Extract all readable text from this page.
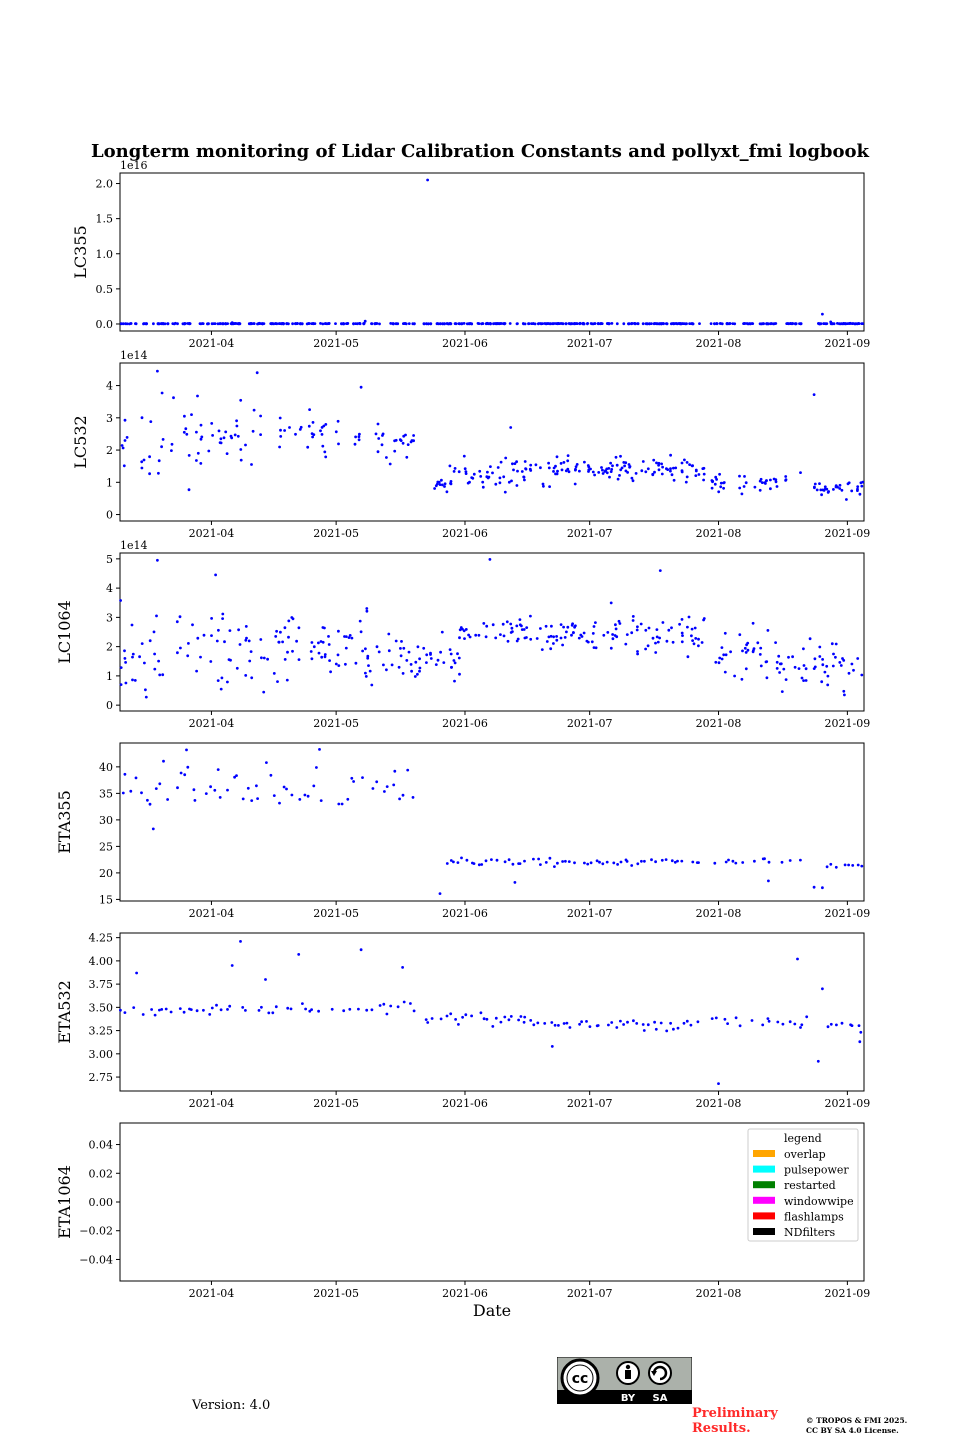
2021-04	2021-05	2021-06	2021-07	2021-08	2021-09
0.0
0.5
1.0
1.5
2.0
1e16
LC355
2021-04	2021-05	2021-06	2021-07	2021-08	2021-09
0
1
2
3
4
1e14
LC532
2021-04	2021-05	2021-06	2021-07	2021-08	2021-09
0
1
2
3
4
5
1e14
LC1064
2021-04	2021-05	2021-06	2021-07	2021-08	2021-09
15
20
25
30
35
40
ETA355
2021-04	2021-05	2021-06	2021-07	2021-08	2021-09
2.75
3.00
3.25
3.50
3.75
4.00
4.25
ETA532
2021-04	2021-05	2021-06	2021-07	2021-08	2021-09
−0.04
−0.02
0.00
0.02
0.04
ETA1064
legend
overlap
pulsepower
restarted
windowwipe
flashlamps
NDfilters
Date
Longterm monitoring of Lidar Calibration Constants and pollyxt_fmi logbook
Version: 4.0
cc
BY SA
Preliminary
Results.
© TROPOS & FMI 2025.
CC BY SA 4.0 License.
